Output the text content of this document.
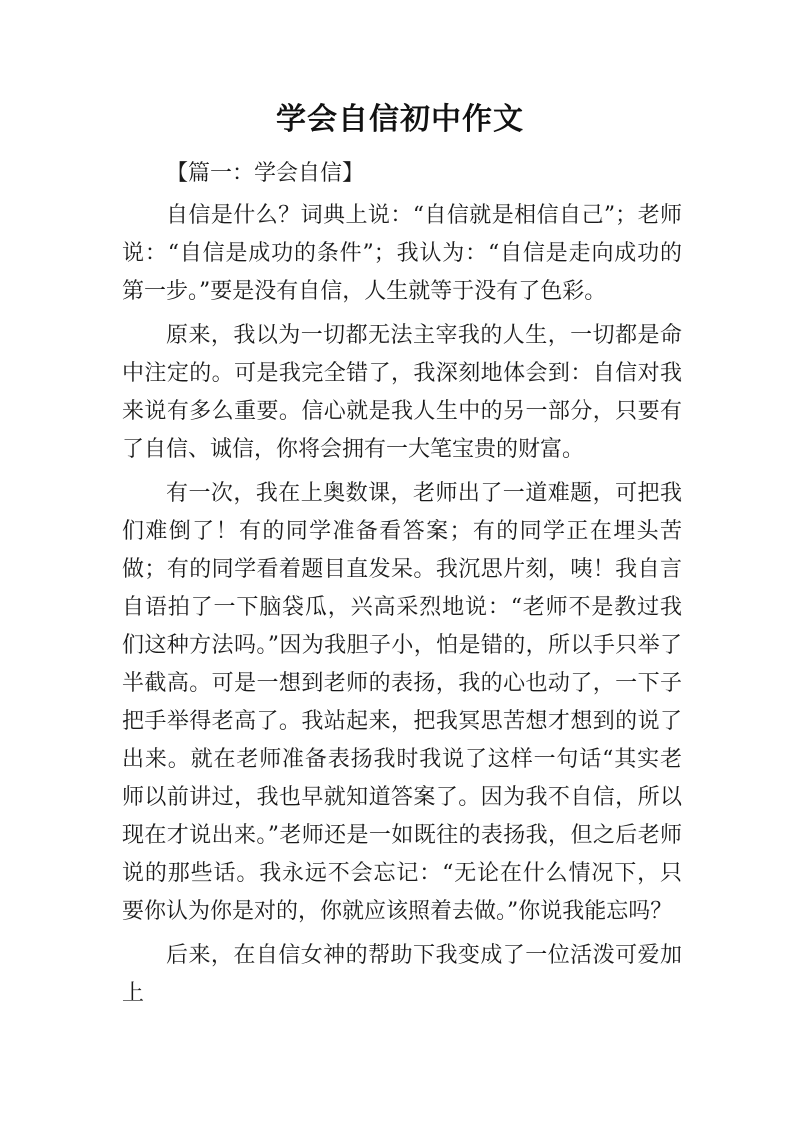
学会自信初中作文

【篇一：学会自信】

自信是什么？词典上说：“自信就是相信自己”；老师说：“自信是成功的条件”；我认为：“自信是走向成功的第一步。”要是没有自信，人生就等于没有了色彩。

原来，我以为一切都无法主宰我的人生，一切都是命中注定的。可是我完全错了，我深刻地体会到：自信对我来说有多么重要。信心就是我人生中的另一部分，只要有了自信、诚信，你将会拥有一大笔宝贵的财富。

有一次，我在上奥数课，老师出了一道难题，可把我们难倒了！有的同学准备看答案；有的同学正在埋头苦做；有的同学看着题目直发呆。我沉思片刻，咦！我自言自语拍了一下脑袋瓜，兴高采烈地说：“老师不是教过我们这种方法吗。”因为我胆子小，怕是错的，所以手只举了半截高。可是一想到老师的表扬，我的心也动了，一下子把手举得老高了。我站起来，把我冥思苦想才想到的说了出来。就在老师准备表扬我时我说了这样一句话“其实老师以前讲过，我也早就知道答案了。因为我不自信，所以现在才说出来。”老师还是一如既往的表扬我，但之后老师说的那些话。我永远不会忘记：“无论在什么情况下，只要你认为你是对的，你就应该照着去做。”你说我能忘吗？

后来，在自信女神的帮助下我变成了一位活泼可爱加上
